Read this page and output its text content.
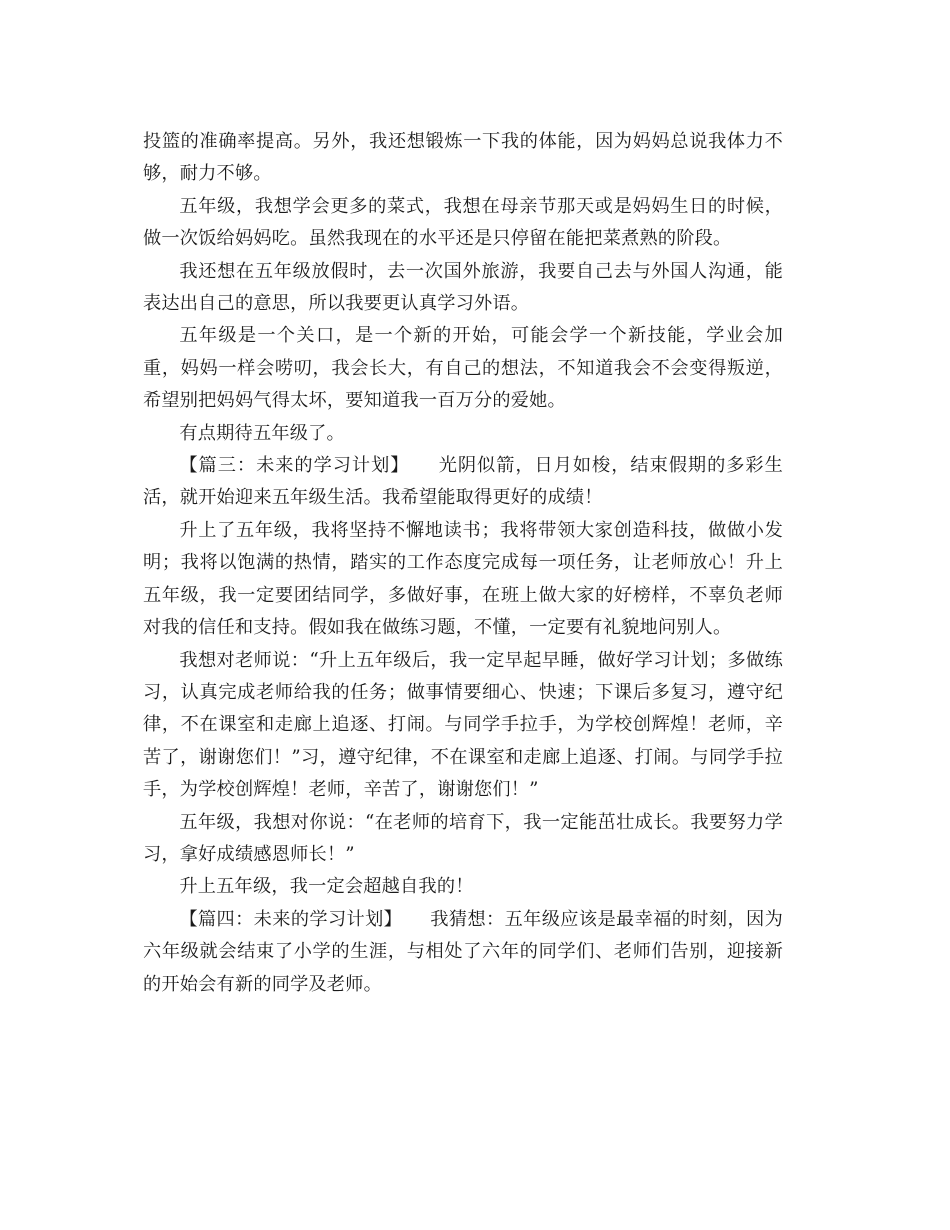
投篮的准确率提高。另外，我还想锻炼一下我的体能，因为妈妈总说我体力不够，耐力不够。

五年级，我想学会更多的菜式，我想在母亲节那天或是妈妈生日的时候，做一次饭给妈妈吃。虽然我现在的水平还是只停留在能把菜煮熟的阶段。

我还想在五年级放假时，去一次国外旅游，我要自己去与外国人沟通，能表达出自己的意思，所以我要更认真学习外语。

五年级是一个关口，是一个新的开始，可能会学一个新技能，学业会加重，妈妈一样会唠叨，我会长大，有自己的想法，不知道我会不会变得叛逆，希望别把妈妈气得太坏，要知道我一百万分的爱她。

有点期待五年级了。

【篇三：未来的学习计划】　　光阴似箭，日月如梭，结束假期的多彩生活，就开始迎来五年级生活。我希望能取得更好的成绩！

升上了五年级，我将坚持不懈地读书；我将带领大家创造科技，做做小发明；我将以饱满的热情，踏实的工作态度完成每一项任务，让老师放心！升上五年级，我一定要团结同学，多做好事，在班上做大家的好榜样，不辜负老师对我的信任和支持。假如我在做练习题，不懂，一定要有礼貌地问别人。

我想对老师说：“升上五年级后，我一定早起早睡，做好学习计划；多做练习，认真完成老师给我的任务；做事情要细心、快速；下课后多复习，遵守纪律，不在课室和走廊上追逐、打闹。与同学手拉手，为学校创辉煌！老师，辛苦了，谢谢您们！”习，遵守纪律，不在课室和走廊上追逐、打闹。与同学手拉手，为学校创辉煌！老师，辛苦了，谢谢您们！”

五年级，我想对你说：“在老师的培育下，我一定能茁壮成长。我要努力学习，拿好成绩感恩师长！”

升上五年级，我一定会超越自我的！

【篇四：未来的学习计划】　　我猜想：五年级应该是最幸福的时刻，因为六年级就会结束了小学的生涯，与相处了六年的同学们、老师们告别，迎接新的开始会有新的同学及老师。
